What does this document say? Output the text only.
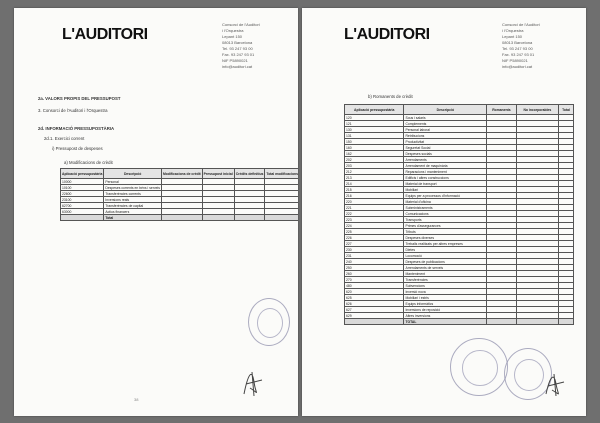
L'AUDITORI
Consorci de l'Auditori
i l'Orquestra
Lepant 150
08013 Barcelona
Tel. 93 247 93 00
Fax. 93 247 93 01
NIF P5890021
info@auditori.cat
2a. VALORS PROPIS DEL PRESSUPOST
3. Consorci de l'Auditori i l'Orquestra
2d. INFORMACIÓ PRESSUPOSTÀRIA
2d.1. Exercici corrent
i) Pressupost de despeses
a) Modificacions de crèdit
Aplicació pressupostària	Descripció	Modificacions de crèdit	Pressupost inicial	Crèdits definitius	Total modificacions
10000	Personal				
10100	Despeses corrents en béns i serveis				
22600	Transferències corrents				
23100	Inversions reals				
62700	Transferències de capital				
63000	Actius financers				
	Total				
38
L'AUDITORI
Consorci de l'Auditori
i l'Orquestra
Lepant 150
08013 Barcelona
Tel. 93 247 93 00
Fax. 93 247 93 01
NIF P5890021
info@auditori.cat
b) Romanents de crèdit
Aplicació pressupostària	Descripció	Romanents	No incorporables	Total
120	Sous i salaris			
121	Complements			
130	Personal laboral			
131	Retribucions			
150	Productivitat			
160	Seguretat Social			
162	Despeses socials			
202	Arrendaments			
203	Arrendament de maquinària			
212	Reparacions i manteniment			
213	Edificis i altres construccions			
214	Material de transport			
215	Mobiliari			
216	Equips per a processos d'informació			
220	Material d'oficina			
221	Subministraments			
222	Comunicacions			
223	Transports			
224	Primes d'assegurances			
225	Tributs			
226	Despeses diverses			
227	Treballs realitzats per altres empreses			
230	Dietes			
231	Locomoció			
240	Despeses de publicacions			
250	Arrendaments de serveis			
260	Manteniment			
270	Transferències			
480	Subvencions			
620	Inversió nova			
625	Mobiliari i estris			
626	Equips informàtics			
627	Inversions de reposició			
629	Altres inversions			
	TOTAL			
